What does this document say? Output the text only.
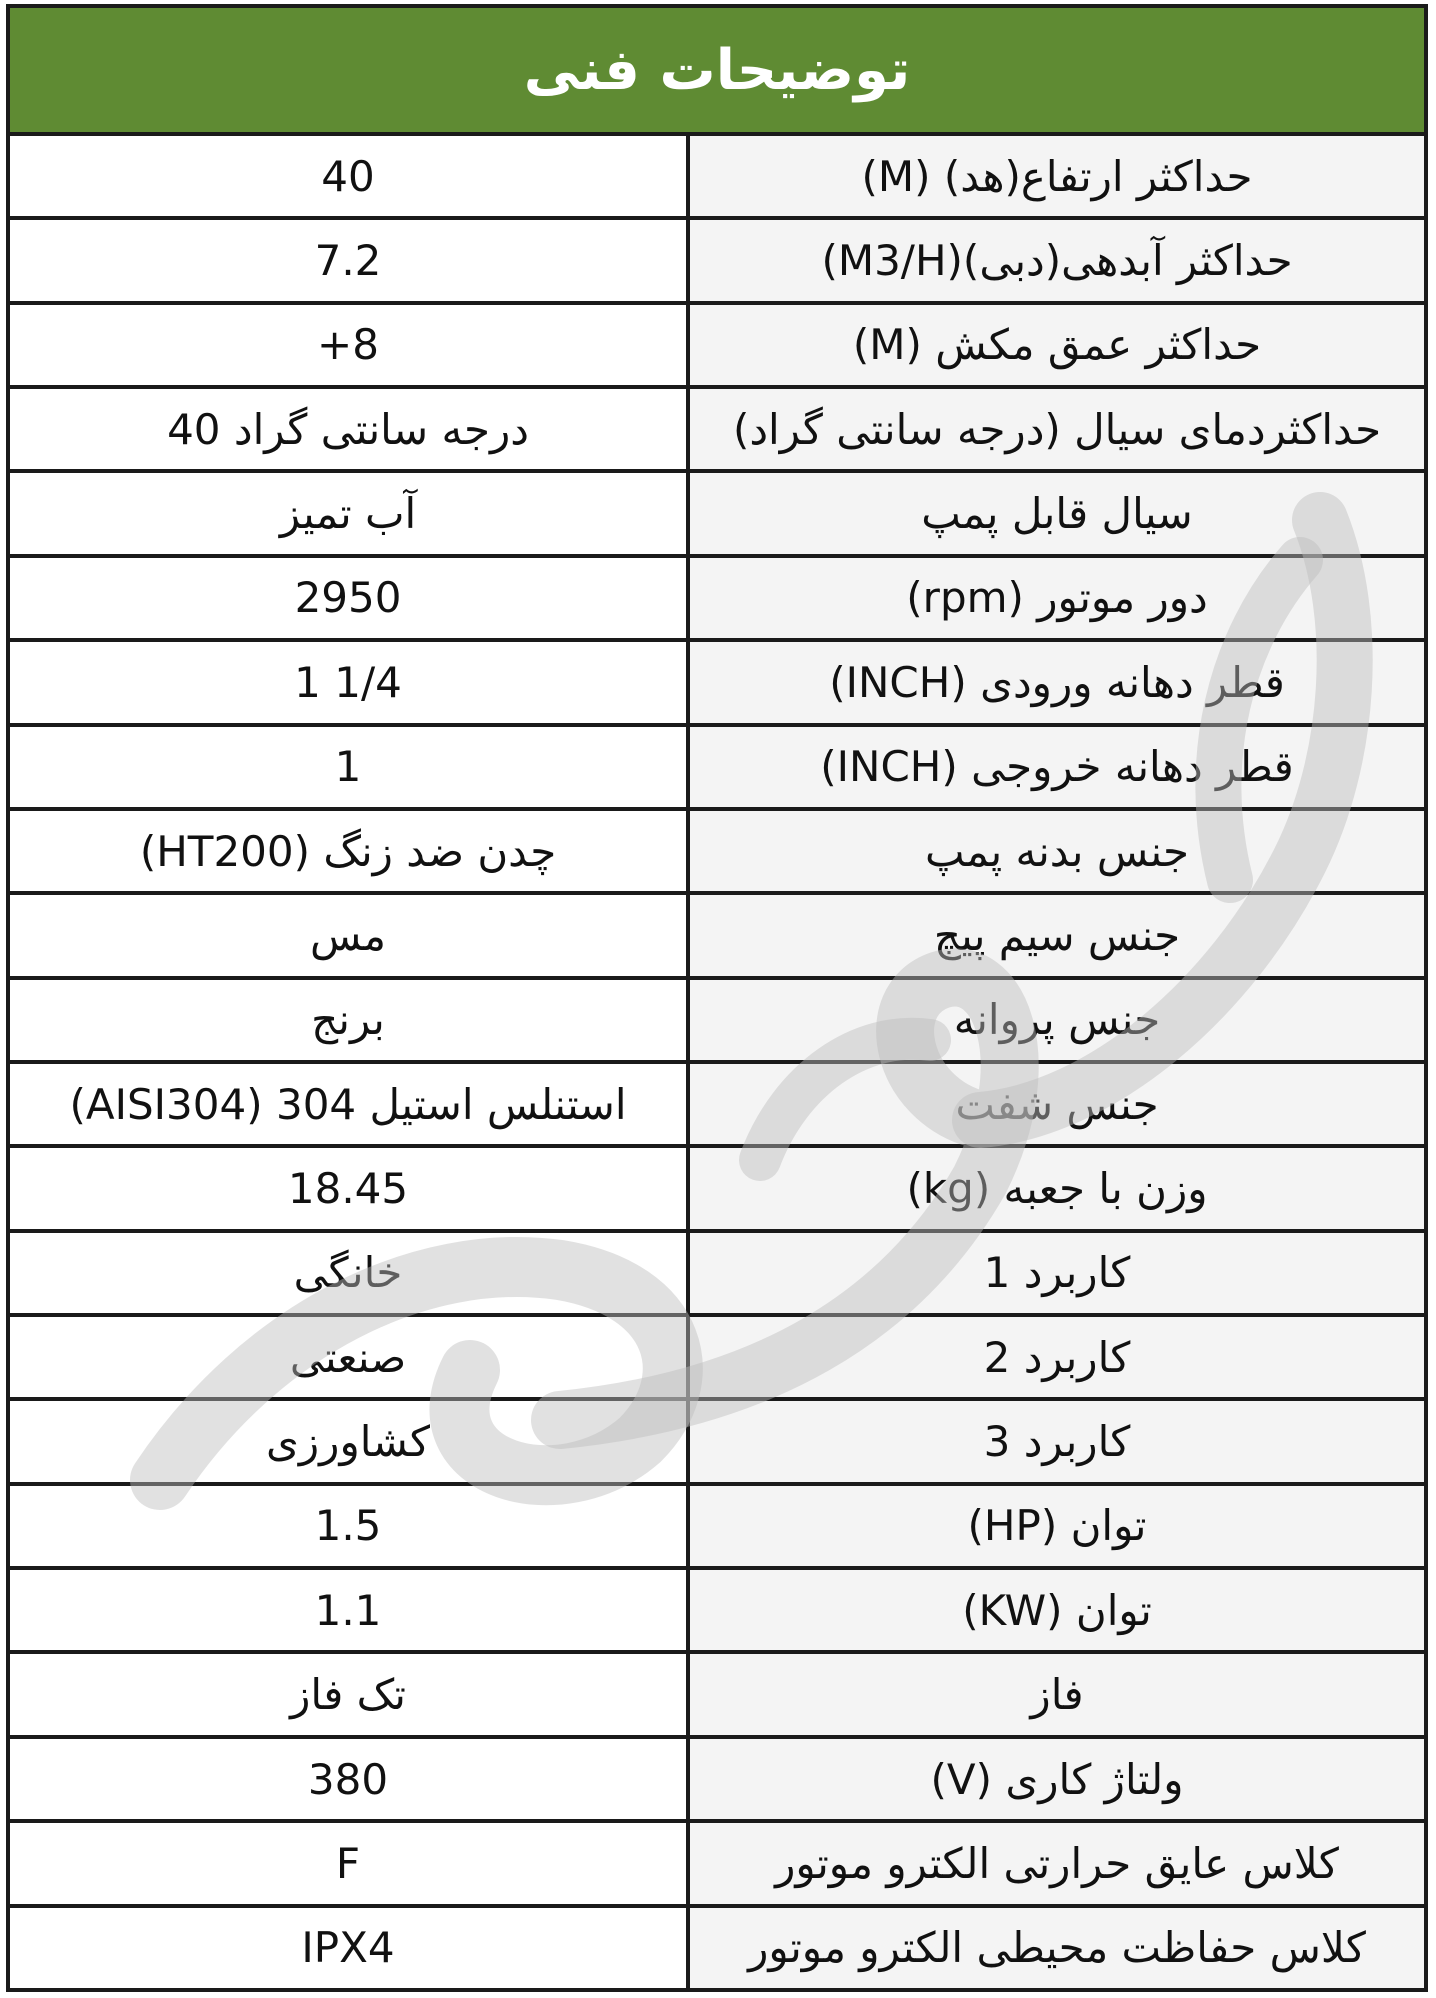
توضیحات فنی
40	حداکثر ارتفاع(هد) (M)
7.2	حداکثر آبدهی(دبی)(M3/H)
+8	حداکثر عمق مکش (M)
درجه سانتی گراد 40	حداکثردمای سیال (درجه سانتی گراد)
آب تمیز	سیال قابل پمپ
2950	دور موتور (rpm)
1 1/4	قطر دهانه ورودی (INCH)
1	قطر دهانه خروجی (INCH)
چدن ضد زنگ (HT200)	جنس بدنه پمپ
مس	جنس سیم پیچ
برنج	جنس پروانه
استنلس استیل 304 (AISI304)	جنس شفت
18.45	وزن با جعبه (kg)
خانگی	کاربرد 1
صنعتی	کاربرد 2
کشاورزی	کاربرد 3
1.5	توان (HP)
1.1	توان (KW)
تک فاز	فاز
380	ولتاژ کاری (V)
F	کلاس عایق حرارتی الکترو موتور
IPX4	کلاس حفاظت محیطی الکترو موتور
